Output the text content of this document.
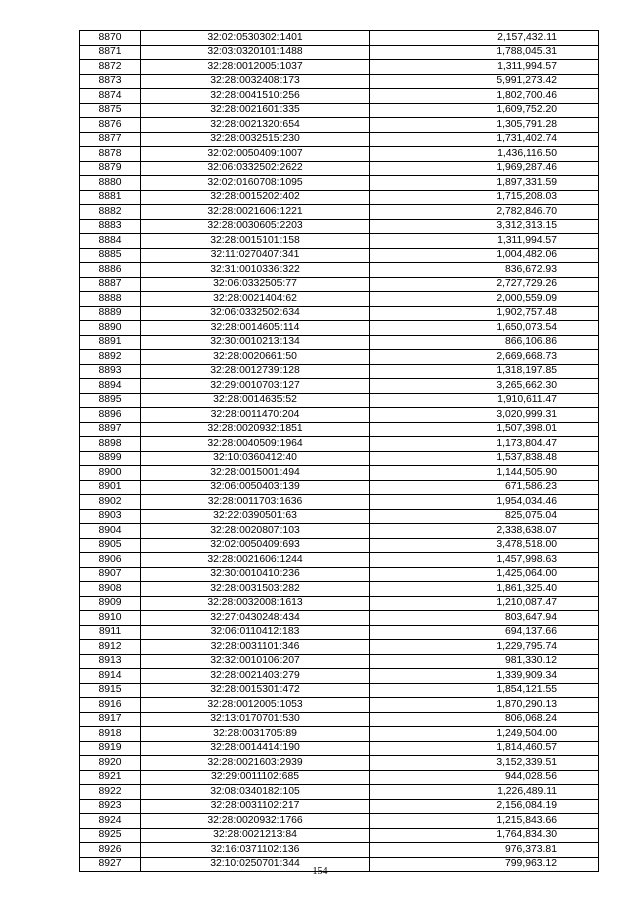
8870	32:02:0530302:1401	2,157,432.11
8871	32:03:0320101:1488	1,788,045.31
8872	32:28:0012005:1037	1,311,994.57
8873	32:28:0032408:173	5,991,273.42
8874	32:28:0041510:256	1,802,700.46
8875	32:28:0021601:335	1,609,752.20
8876	32:28:0021320:654	1,305,791.28
8877	32:28:0032515:230	1,731,402.74
8878	32:02:0050409:1007	1,436,116.50
8879	32:06:0332502:2622	1,969,287.46
8880	32:02:0160708:1095	1,897,331.59
8881	32:28:0015202:402	1,715,208.03
8882	32:28:0021606:1221	2,782,846.70
8883	32:28:0030605:2203	3,312,313.15
8884	32:28:0015101:158	1,311,994.57
8885	32:11:0270407:341	1,004,482.06
8886	32:31:0010336:322	836,672.93
8887	32:06:0332505:77	2,727,729.26
8888	32:28:0021404:62	2,000,559.09
8889	32:06:0332502:634	1,902,757.48
8890	32:28:0014605:114	1,650,073.54
8891	32:30:0010213:134	866,106.86
8892	32:28:0020661:50	2,669,668.73
8893	32:28:0012739:128	1,318,197.85
8894	32:29:0010703:127	3,265,662.30
8895	32:28:0014635:52	1,910,611.47
8896	32:28:0011470:204	3,020,999.31
8897	32:28:0020932:1851	1,507,398.01
8898	32:28:0040509:1964	1,173,804.47
8899	32:10:0360412:40	1,537,838.48
8900	32:28:0015001:494	1,144,505.90
8901	32:06:0050403:139	671,586.23
8902	32:28:0011703:1636	1,954,034.46
8903	32:22:0390501:63	825,075.04
8904	32:28:0020807:103	2,338,638.07
8905	32:02:0050409:693	3,478,518.00
8906	32:28:0021606:1244	1,457,998.63
8907	32:30:0010410:236	1,425,064.00
8908	32:28:0031503:282	1,861,325.40
8909	32:28:0032008:1613	1,210,087.47
8910	32:27:0430248:434	803,647.94
8911	32:06:0110412:183	694,137.66
8912	32:28:0031101:346	1,229,795.74
8913	32:32:0010106:207	981,330.12
8914	32:28:0021403:279	1,339,909.34
8915	32:28:0015301:472	1,854,121.55
8916	32:28:0012005:1053	1,870,290.13
8917	32:13:0170701:530	806,068.24
8918	32:28:0031705:89	1,249,504.00
8919	32:28:0014414:190	1,814,460.57
8920	32:28:0021603:2939	3,152,339.51
8921	32:29:0011102:685	944,028.56
8922	32:08:0340182:105	1,226,489.11
8923	32:28:0031102:217	2,156,084.19
8924	32:28:0020932:1766	1,215,843.66
8925	32:28:0021213:84	1,764,834.30
8926	32:16:0371102:136	976,373.81
8927	32:10:0250701:344	799,963.12
- 154 -
